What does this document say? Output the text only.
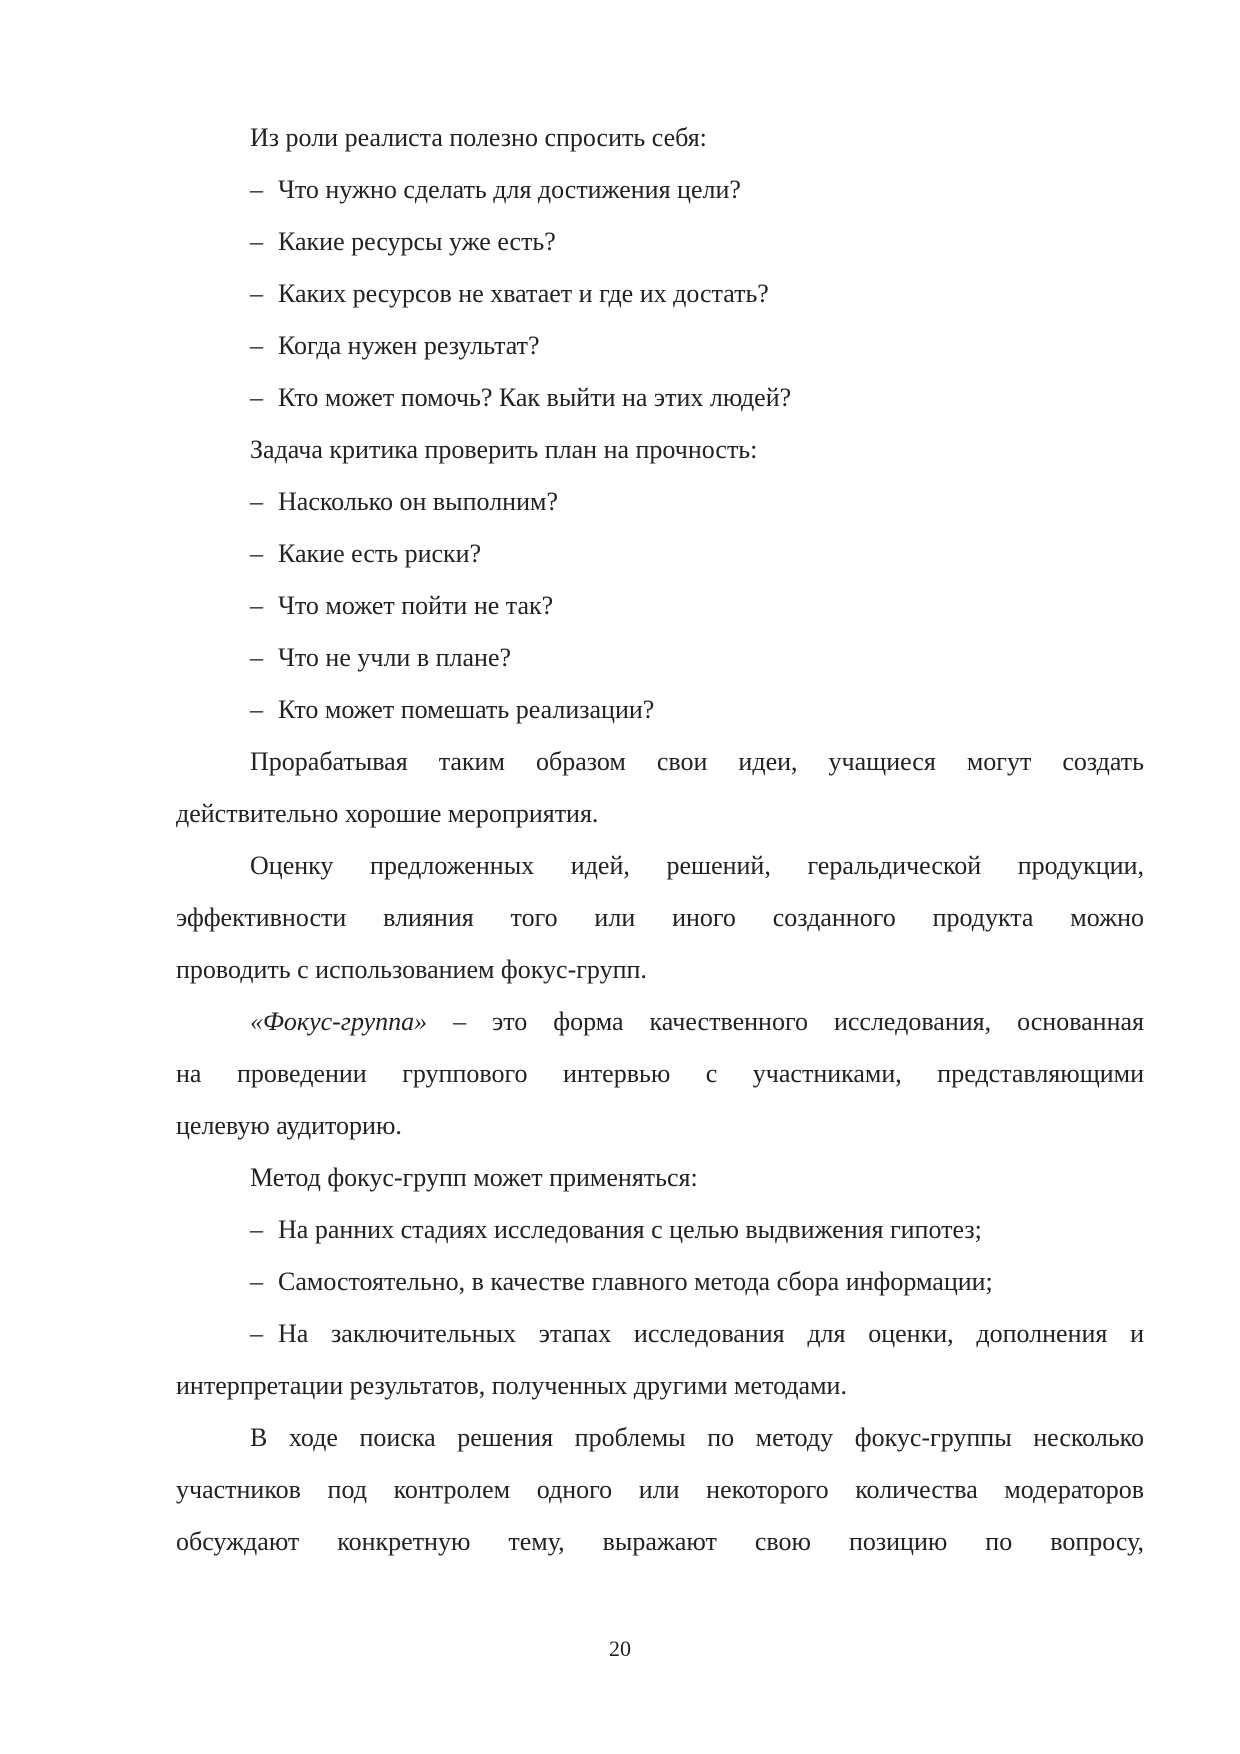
Из роли реалиста полезно спросить себя:
– Что нужно сделать для достижения цели?
– Какие ресурсы уже есть?
– Каких ресурсов не хватает и где их достать?
– Когда нужен результат?
– Кто может помочь? Как выйти на этих людей?
Задача критика проверить план на прочность:
– Насколько он выполним?
– Какие есть риски?
– Что может пойти не так?
– Что не учли в плане?
– Кто может помешать реализации?
Прорабатывая таким образом свои идеи, учащиеся могут создать
действительно хорошие мероприятия.
Оценку предложенных идей, решений, геральдической продукции,
эффективности влияния того или иного созданного продукта можно
проводить с использованием фокус-групп.
«Фокус-группа» – это форма качественного исследования, основанная
на проведении группового интервью с участниками, представляющими
целевую аудиторию.
Метод фокус-групп может применяться:
– На ранних стадиях исследования с целью выдвижения гипотез;
– Самостоятельно, в качестве главного метода сбора информации;
– На заключительных этапах исследования для оценки, дополнения и
интерпретации результатов, полученных другими методами.
В ходе поиска решения проблемы по методу фокус-группы несколько
участников под контролем одного или некоторого количества модераторов
обсуждают конкретную тему, выражают свою позицию по вопросу,
20
